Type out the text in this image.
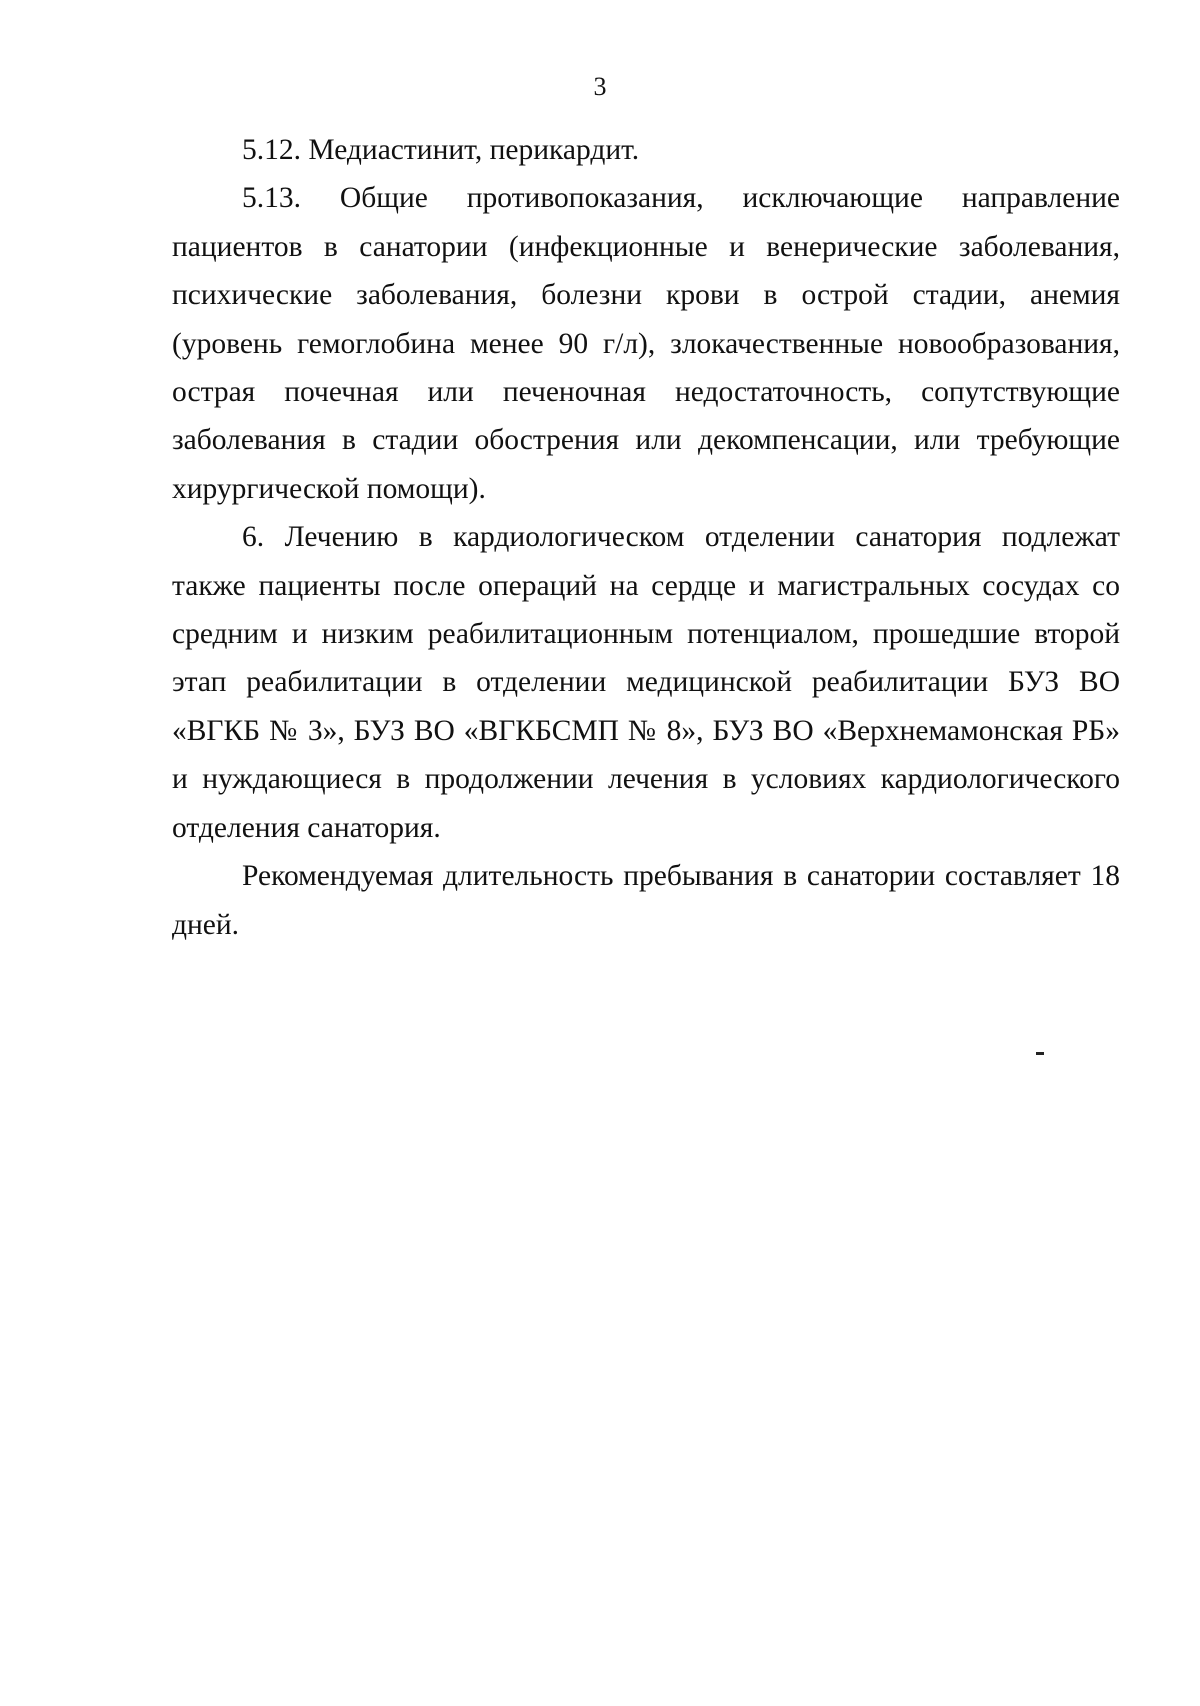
3

5.12. Медиастинит, перикардит.

5.13. Общие противопоказания, исключающие направление пациентов в санатории (инфекционные и венерические заболевания, психические заболевания, болезни крови в острой стадии, анемия (уровень гемоглобина менее 90 г/л), злокачественные новообразования, острая почечная или печеночная недостаточность, сопутствующие заболевания в стадии обострения или декомпенсации, или требующие хирургической помощи).

6. Лечению в кардиологическом отделении санатория подлежат также пациенты после операций на сердце и магистральных сосудах со средним и низким реабилитационным потенциалом, прошедшие второй этап реабилитации в отделении медицинской реабилитации БУЗ ВО «ВГКБ № 3», БУЗ ВО «ВГКБСМП № 8», БУЗ ВО «Верхнемамонская РБ» и нуждающиеся в продолжении лечения в условиях кардиологического отделения санатория.

Рекомендуемая длительность пребывания в санатории составляет 18 дней.
